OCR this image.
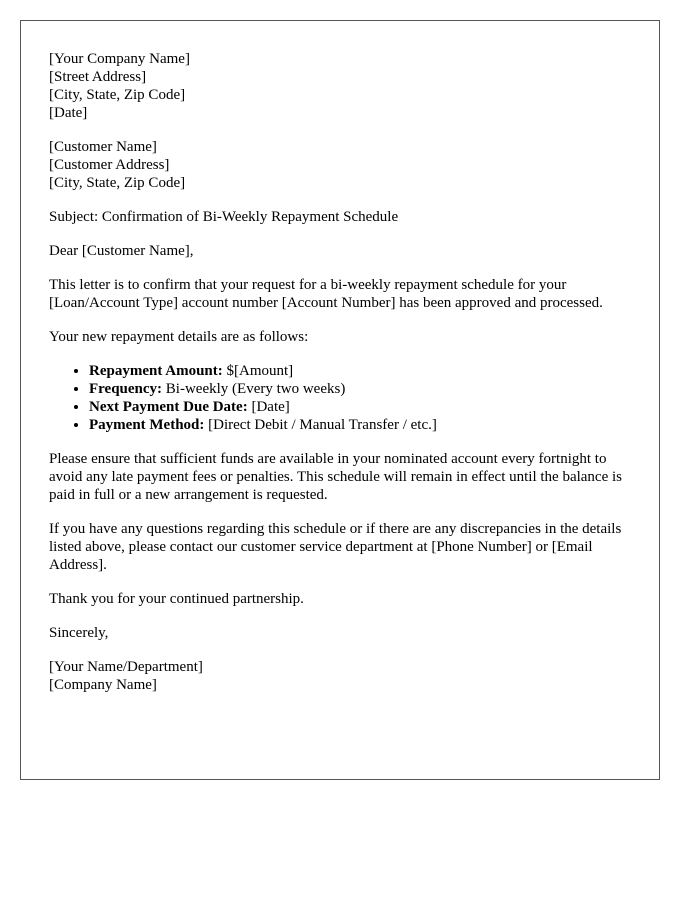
[Your Company Name]

[Street Address]

[City, State, Zip Code]

[Date]

[Customer Name]

[Customer Address]

[City, State, Zip Code]

Subject: Confirmation of Bi-Weekly Repayment Schedule

Dear [Customer Name],

This letter is to confirm that your request for a bi-weekly repayment schedule for your [Loan/Account Type] account number [Account Number] has been approved and processed.

Your new repayment details are as follows:

• Repayment Amount: $[Amount]
• Frequency: Bi-weekly (Every two weeks)
• Next Payment Due Date: [Date]
• Payment Method: [Direct Debit / Manual Transfer / etc.]

Please ensure that sufficient funds are available in your nominated account every fortnight to avoid any late payment fees or penalties. This schedule will remain in effect until the balance is paid in full or a new arrangement is requested.

If you have any questions regarding this schedule or if there are any discrepancies in the details listed above, please contact our customer service department at [Phone Number] or [Email Address].

Thank you for your continued partnership.

Sincerely,

[Your Name/Department]

[Company Name]
